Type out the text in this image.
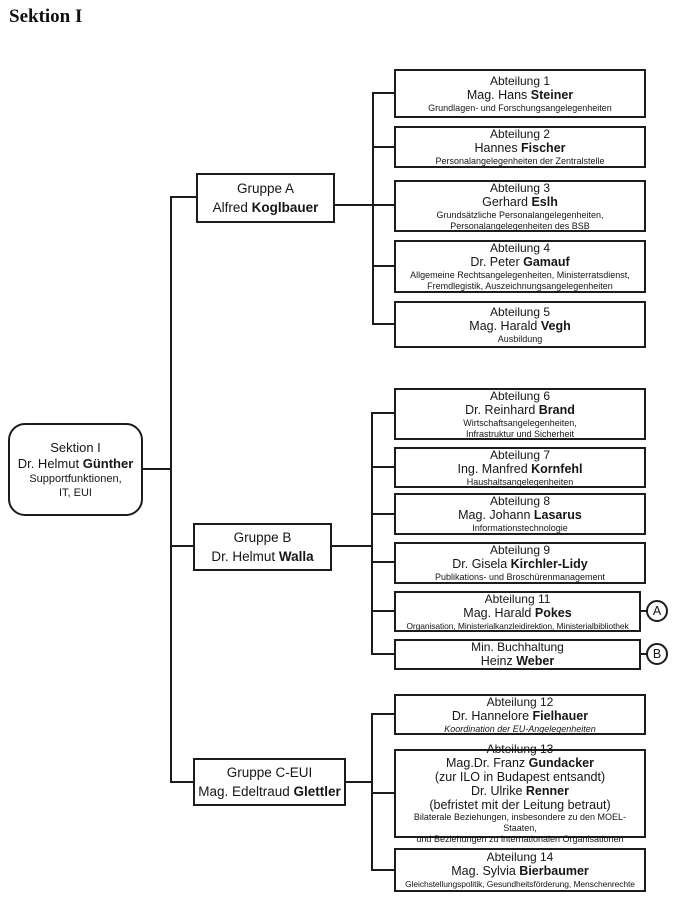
Sektion I
Sektion I
Dr. Helmut Günther
Supportfunktionen,
IT, EUI
Gruppe A
Alfred Koglbauer
Gruppe B
Dr. Helmut Walla
Gruppe C-EUI
Mag. Edeltraud Glettler
Abteilung 1
Mag. Hans Steiner
Grundlagen- und Forschungsangelegenheiten
Abteilung 2
Hannes Fischer
Personalangelegenheiten der Zentralstelle
Abteilung 3
Gerhard Eslh
Grundsätzliche Personalangelegenheiten,
Personalangelegenheiten des BSB
Abteilung 4
Dr. Peter Gamauf
Allgemeine Rechtsangelegenheiten, Ministerratsdienst,
Fremdlegistik, Auszeichnungsangelegenheiten
Abteilung 5
Mag. Harald Vegh
Ausbildung
Abteilung 6
Dr. Reinhard Brand
Wirtschaftsangelegenheiten,
Infrastruktur und Sicherheit
Abteilung 7
Ing. Manfred Kornfehl
Haushaltsangelegenheiten
Abteilung 8
Mag. Johann Lasarus
Informationstechnologie
Abteilung 9
Dr. Gisela Kirchler-Lidy
Publikations- und Broschürenmanagement
Abteilung 11
Mag. Harald Pokes
Organisation, Ministerialkanzleidirektion, Ministerialbibliothek
Min. Buchhaltung
Heinz Weber
A
B
Abteilung 12
Dr. Hannelore Fielhauer
Koordination der EU-Angelegenheiten
Abteilung 13
Mag.Dr. Franz Gundacker
(zur ILO in Budapest entsandt)
Dr. Ulrike Renner
(befristet mit der Leitung betraut)
Bilaterale Beziehungen, insbesondere zu den MOEL-Staaten,
und Beziehungen zu internationalen Organisationen
Abteilung 14
Mag. Sylvia Bierbaumer
Gleichstellungspolitik, Gesundheitsförderung, Menschenrechte
